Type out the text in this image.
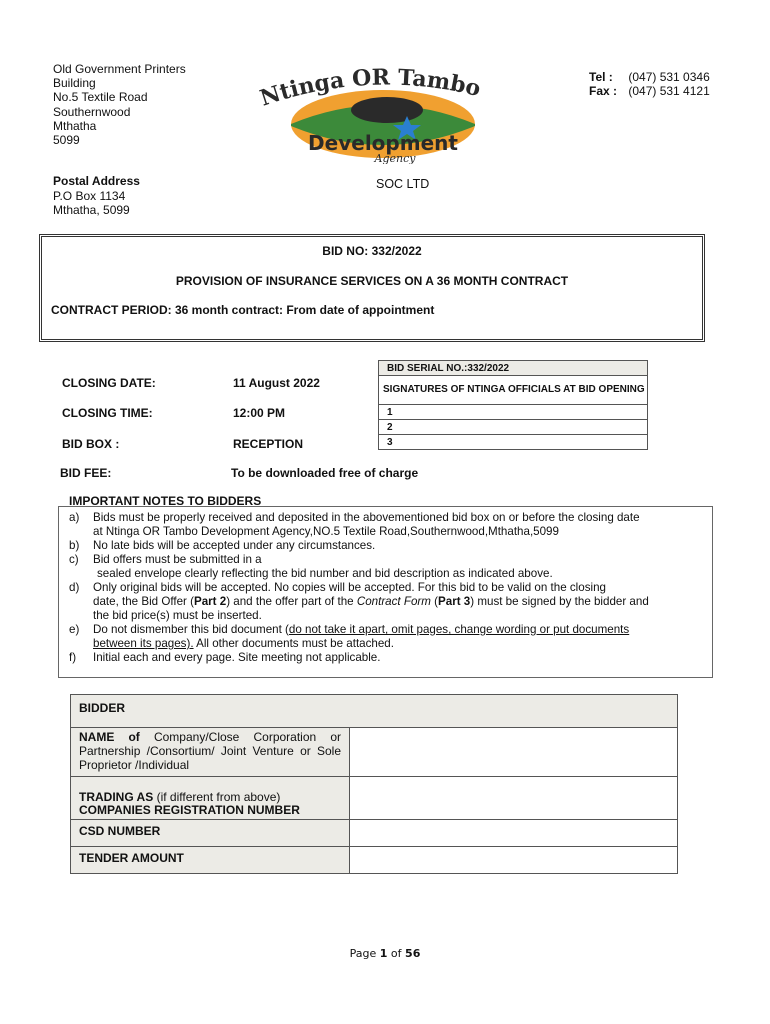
Old Government Printers
Building
No.5 Textile Road
Southernwood
Mthatha
5099
Postal Address
P.O Box 1134
Mthatha, 5099
Tel : (047) 531 0346
Fax : (047) 531 4121
Ntinga OR Tambo
Development
Agency
SOC LTD
BID NO: 332/2022
PROVISION OF INSURANCE SERVICES ON A 36 MONTH CONTRACT
CONTRACT PERIOD: 36 month contract: From date of appointment
CLOSING DATE:	11 August 2022
CLOSING TIME:	12:00 PM
BID BOX :	RECEPTION
BID FEE:	To be downloaded free of charge
BID SERIAL NO.:332/2022
SIGNATURES OF NTINGA OFFICIALS AT BID OPENING
1
2
3
IMPORTANT NOTES TO BIDDERS
a) Bids must be properly received and deposited in the abovementioned bid box on or before the closing date
at Ntinga OR Tambo Development Agency,NO.5 Textile Road,Southernwood,Mthatha,5099
b) No late bids will be accepted under any circumstances.
c) Bid offers must be submitted in a
sealed envelope clearly reflecting the bid number and bid description as indicated above.
d) Only original bids will be accepted. No copies will be accepted. For this bid to be valid on the closing
date, the Bid Offer (Part 2) and the offer part of the Contract Form (Part 3) must be signed by the bidder and
the bid price(s) must be inserted.
e) Do not dismember this bid document (do not take it apart, omit pages, change wording or put documents
between its pages). All other documents must be attached.
f) Initial each and every page. Site meeting not applicable.
BIDDER	
NAME of Company/Close Corporation or Partnership /Consortium/ Joint Venture or Sole Proprietor /Individual	
TRADING AS (if different from above)
COMPANIES REGISTRATION NUMBER	
CSD NUMBER	
TENDER AMOUNT	
Page 1 of 56
